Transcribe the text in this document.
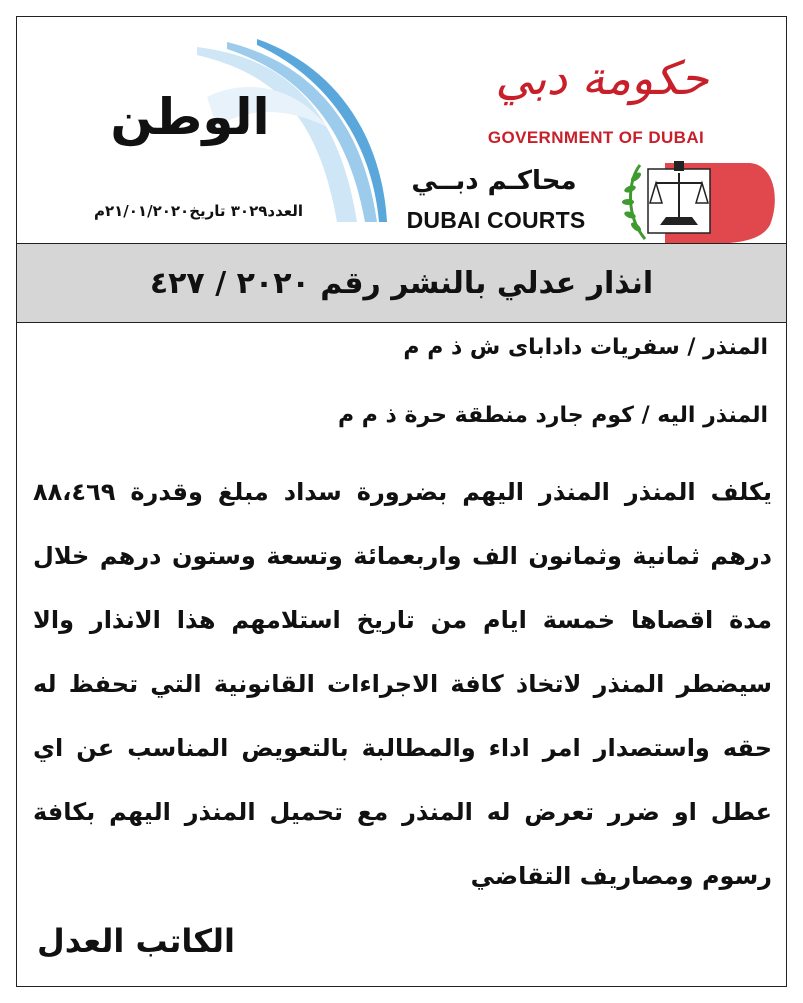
الوطن
العدد٣٠٢٩ تاريخ٢١/٠١/٢٠٢٠م
حكومة دبي
GOVERNMENT OF DUBAI
محاكـم دبــي
DUBAI COURTS
انذار عدلي بالنشر رقم ٢٠٢٠ / ٤٢٧
المنذر / سفريات دادابای ش ذ م م
المنذر اليه / كوم جارد منطقة حرة ذ م م
يكلف المنذر المنذر اليهم بضرورة سداد مبلغ وقدرة ٨٨،٤٦٩ درهم ثمانية وثمانون الف واربعمائة وتسعة وستون درهم خلال مدة اقصاها خمسة ايام من تاريخ استلامهم هذا الانذار والا سيضطر المنذر لاتخاذ كافة الاجراءات القانونية التي تحفظ له حقه واستصدار امر اداء والمطالبة بالتعويض المناسب عن اي عطل او ضرر تعرض له المنذر مع تحميل المنذر اليهم بكافة رسوم ومصاريف التقاضي
الكاتب العدل
